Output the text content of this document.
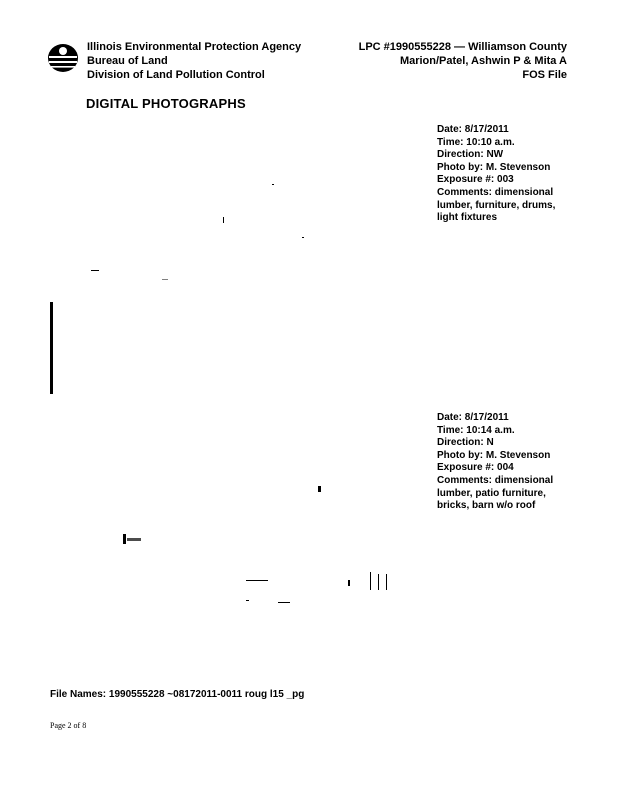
Illinois Environmental Protection Agency
Bureau of Land
Division of Land Pollution Control
LPC #1990555228 — Williamson County
Marion/Patel, Ashwin P & Mita A
FOS File
DIGITAL PHOTOGRAPHS
Date: 8/17/2011
Time: 10:10 a.m.
Direction: NW
Photo by: M. Stevenson
Exposure #: 003
Comments: dimensional
lumber, furniture, drums,
light fixtures
Date: 8/17/2011
Time: 10:14 a.m.
Direction: N
Photo by: M. Stevenson
Exposure #: 004
Comments: dimensional
lumber, patio furniture,
bricks, barn w/o roof
File Names: 1990555228 ~08172011-0011 roug l15 _pg
Page 2 of 8
